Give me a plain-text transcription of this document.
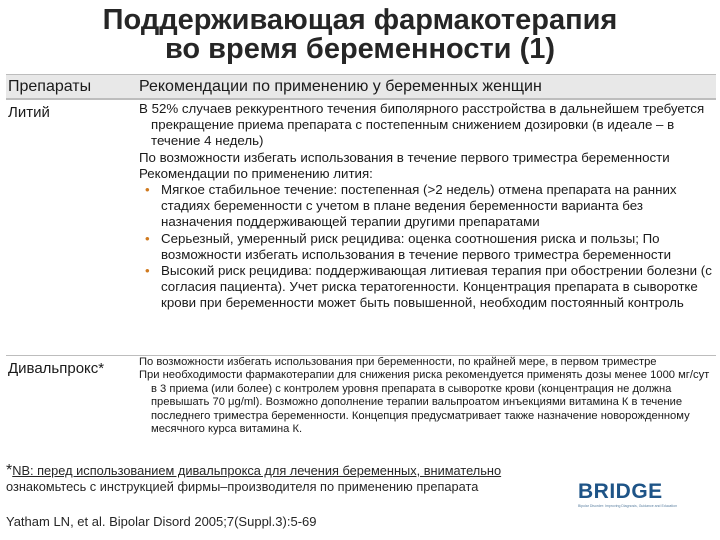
Поддерживающая фармакотерапия
во время беременности (1)
Препараты	Рекомендации по применению у беременных женщин
Литий	В 52% случаев реккурентного течения биполярного расстройства в дальнейшем требуется прекращение приема препарата с постепенным снижением дозировки (в идеале – в течение 4 недель)

По возможности избегать использования в течение первого триместра беременности

Рекомендации по применению лития:

• Мягкое стабильное течение: постепенная (>2 недель) отмена препарата на ранних стадиях беременности с учетом в плане ведения беременности варианта без назначения поддерживающей терапии другими препаратами

• Серьезный, умеренный риск рецидива: оценка соотношения риска и пользы; По возможности избегать использования в течение первого триместра беременности

• Высокий риск рецидива: поддерживающая литиевая терапия при обострении болезни (с согласия пациента). Учет риска тератогенности. Концентрация препарата в сыворотке крови при беременности может быть повышенной, необходим постоянный контроль

Дивальпрокс*	По возможности избегать использования при беременности, по крайней мере, в первом триместре

При необходимости фармакотерапии для снижения риска рекомендуется применять дозы менее 1000 мг/сут в 3 приема (или более) с контролем уровня препарата в сыворотке крови (концентрация не должна превышать 70 μg/ml). Возможно дополнение терапии вальпроатом инъекциями витамина К в течение последнего триместра беременности. Концепция предусматривает также назначение новорожденному месячного курса витамина К.

*NB: перед использованием дивальпрокса для лечения беременных, внимательно
ознакомьтесь с инструкцией фирмы–производителя по применению препарата	BRIDGE
Bipolar Disorder: Improving Diagnosis, Guidance and Education
Yatham LN, et al. Bipolar Disord 2005;7(Suppl.3):5-69
